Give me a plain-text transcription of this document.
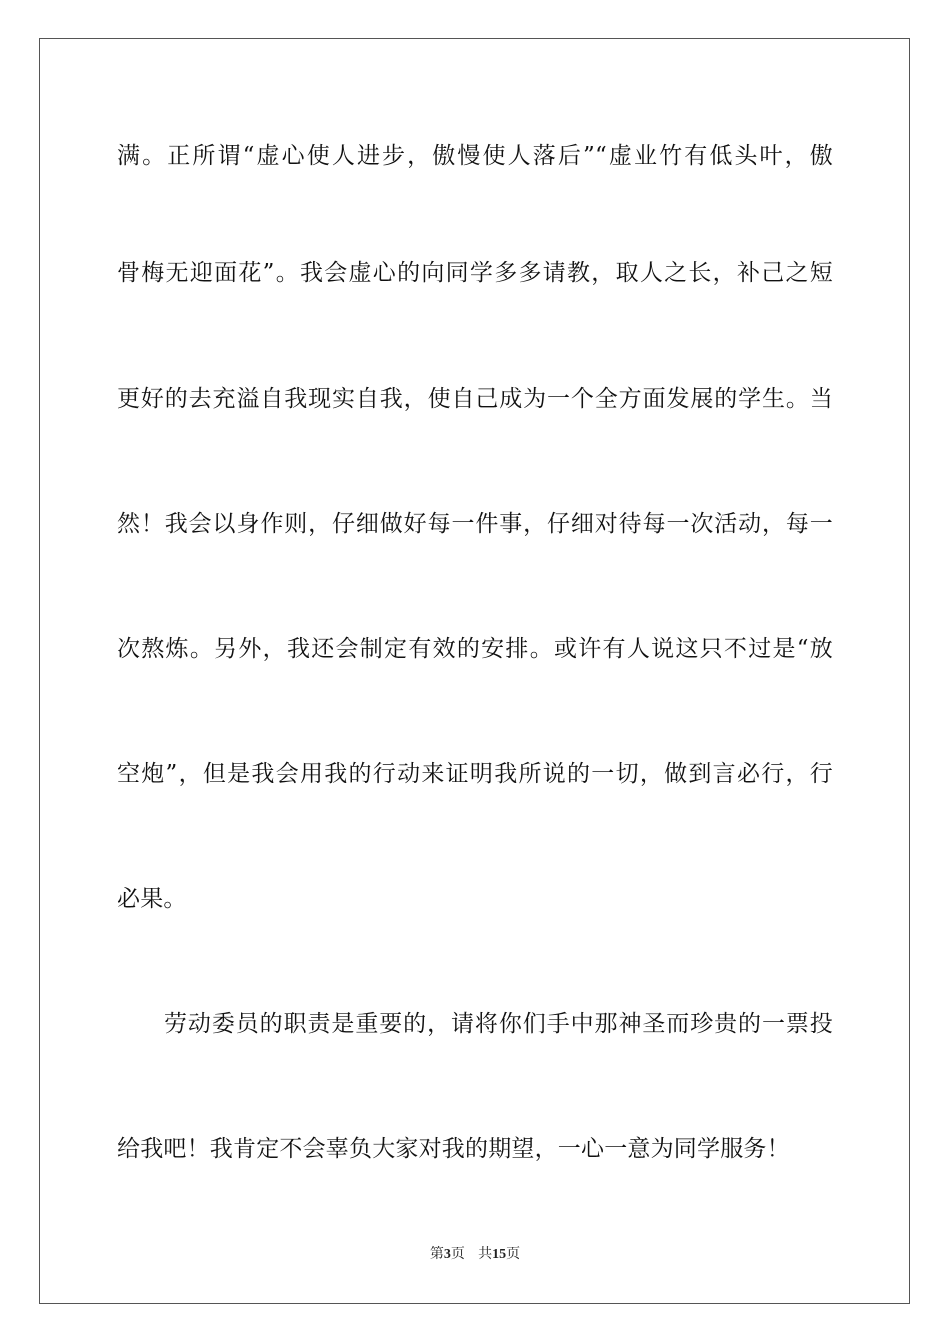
满。正所谓“虚心使人进步，傲慢使人落后”“虚业竹有低头叶，傲
骨梅无迎面花”。我会虚心的向同学多多请教，取人之长，补己之短
更好的去充溢自我现实自我，使自己成为一个全方面发展的学生。当
然！我会以身作则，仔细做好每一件事，仔细对待每一次活动，每一
次熬炼。另外，我还会制定有效的安排。或许有人说这只不过是“放
空炮”，但是我会用我的行动来证明我所说的一切，做到言必行，行
必果。
劳动委员的职责是重要的，请将你们手中那神圣而珍贵的一票投
给我吧！我肯定不会辜负大家对我的期望，一心一意为同学服务！
第3页 共15页
